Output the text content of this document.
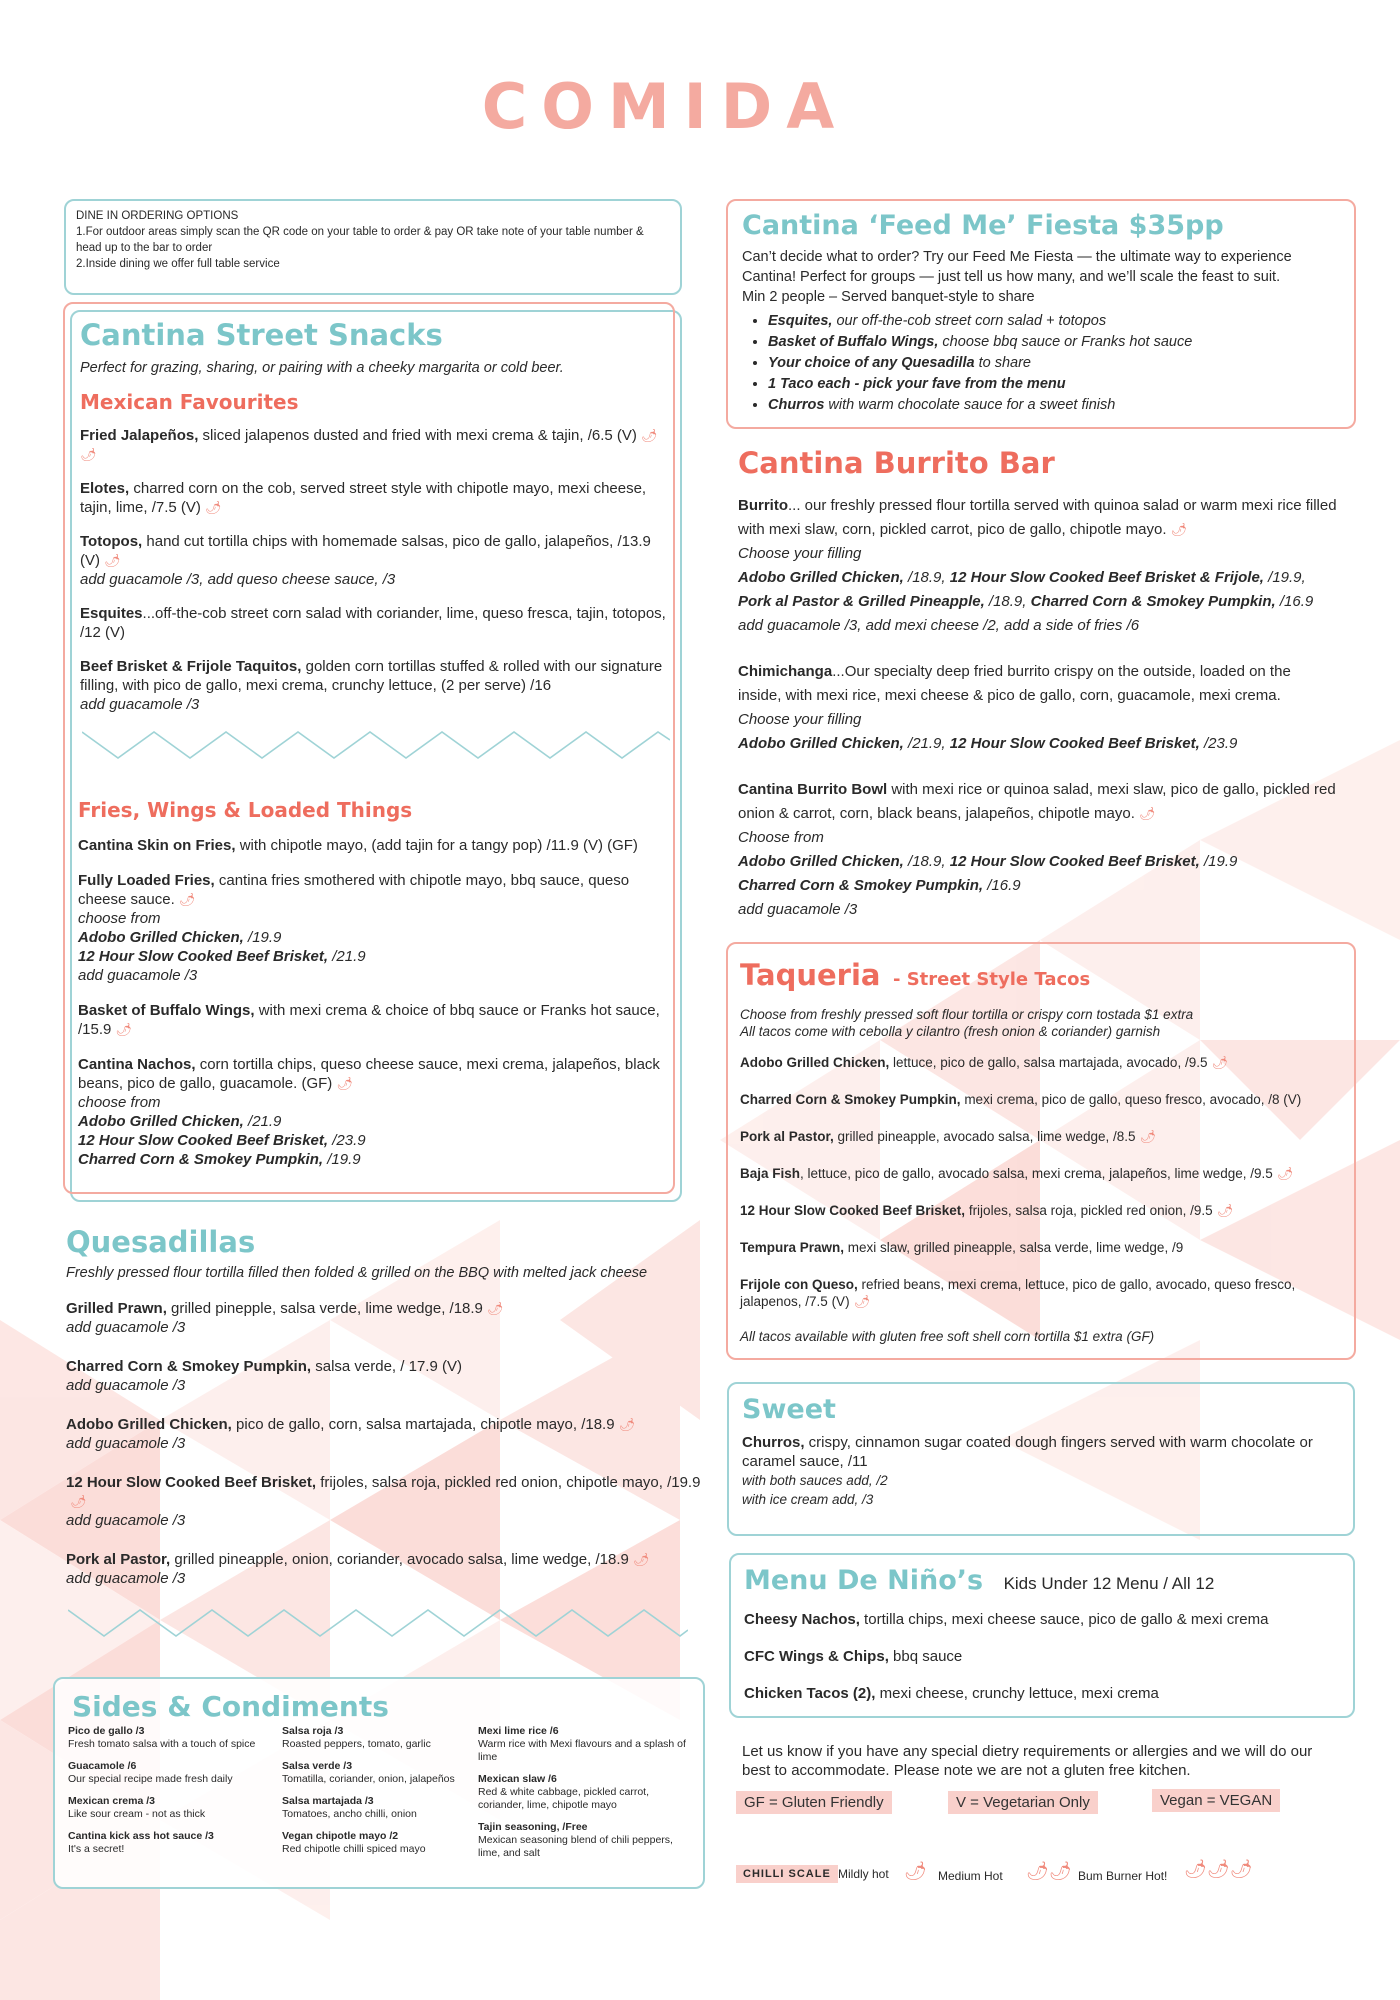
COMIDA
DINE IN ORDERING OPTIONS
1.For outdoor areas simply scan the QR code on your table to order & pay OR take note of your table number & head up to the bar to order
2.Inside dining we offer full table service
Cantina Street Snacks
Perfect for grazing, sharing, or pairing with a cheeky margarita or cold beer.
Mexican Favourites

Fried Jalapeños, sliced jalapenos dusted and fried with mexi crema & tajin, /6.5 (V) 🌶🌶

Elotes, charred corn on the cob, served street style with chipotle mayo, mexi cheese, tajin, lime, /7.5 (V) 🌶

Totopos, hand cut tortilla chips with homemade salsas, pico de gallo, jalapeños, /13.9 (V) 🌶
add guacamole /3, add queso cheese sauce, /3

Esquites...off-the-cob street corn salad with coriander, lime, queso fresca, tajin, totopos, /12 (V)

Beef Brisket & Frijole Taquitos, golden corn tortillas stuffed & rolled with our signature filling, with pico de gallo, mexi crema, crunchy lettuce, (2 per serve) /16
add guacamole /3

Fries, Wings & Loaded Things

Cantina Skin on Fries, with chipotle mayo, (add tajin for a tangy pop) /11.9 (V) (GF)

Fully Loaded Fries, cantina fries smothered with chipotle mayo, bbq sauce, queso cheese sauce. 🌶
choose from
Adobo Grilled Chicken, /19.9
12 Hour Slow Cooked Beef Brisket, /21.9
add guacamole /3

Basket of Buffalo Wings, with mexi crema & choice of bbq sauce or Franks hot sauce, /15.9 🌶

Cantina Nachos, corn tortilla chips, queso cheese sauce, mexi crema, jalapeños, black beans, pico de gallo, guacamole. (GF) 🌶
choose from
Adobo Grilled Chicken, /21.9
12 Hour Slow Cooked Beef Brisket, /23.9
Charred Corn & Smokey Pumpkin, /19.9

Quesadillas
Freshly pressed flour tortilla filled then folded & grilled on the BBQ with melted jack cheese

Grilled Prawn, grilled pinepple, salsa verde, lime wedge, /18.9 🌶
add guacamole /3

Charred Corn & Smokey Pumpkin, salsa verde, / 17.9 (V)
add guacamole /3

Adobo Grilled Chicken, pico de gallo, corn, salsa martajada, chipotle mayo, /18.9 🌶
add guacamole /3

12 Hour Slow Cooked Beef Brisket, frijoles, salsa roja, pickled red onion, chipotle mayo, /19.9🌶
add guacamole /3

Pork al Pastor, grilled pineapple, onion, coriander, avocado salsa, lime wedge, /18.9 🌶
add guacamole /3

Sides & Condiments
Pico de gallo /3
Fresh tomato salsa with a touch of spice
Guacamole /6
Our special recipe made fresh daily
Mexican crema /3
Like sour cream - not as thick
Cantina kick ass hot sauce /3
It's a secret!
Salsa roja /3
Roasted peppers, tomato, garlic
Salsa verde /3
Tomatilla, coriander, onion, jalapeños
Salsa martajada /3
Tomatoes, ancho chilli, onion
Vegan chipotle mayo /2
Red chipotle chilli spiced mayo
Mexi lime rice /6
Warm rice with Mexi flavours and a splash of lime
Mexican slaw /6
Red & white cabbage, pickled carrot, coriander, lime, chipotle mayo
Tajin seasoning, /Free
Mexican seasoning blend of chili peppers, lime, and salt
Cantina ‘Feed Me’ Fiesta $35pp
Can’t decide what to order? Try our Feed Me Fiesta — the ultimate way to experience Cantina! Perfect for groups — just tell us how many, and we’ll scale the feast to suit.
Min 2 people – Served banquet-style to share
• Esquites, our off-the-cob street corn salad + totopos
• Basket of Buffalo Wings, choose bbq sauce or Franks hot sauce
• Your choice of any Quesadilla to share
• 1 Taco each - pick your fave from the menu
• Churros with warm chocolate sauce for a sweet finish
Cantina Burrito Bar

Burrito... our freshly pressed flour tortilla served with quinoa salad or warm mexi rice filled with mexi slaw, corn, pickled carrot, pico de gallo, chipotle mayo. 🌶
Choose your filling
Adobo Grilled Chicken, /18.9, 12 Hour Slow Cooked Beef Brisket & Frijole, /19.9,
Pork al Pastor & Grilled Pineapple, /18.9, Charred Corn & Smokey Pumpkin, /16.9
add guacamole /3, add mexi cheese /2, add a side of fries /6

Chimichanga...Our specialty deep fried burrito crispy on the outside, loaded on the inside, with mexi rice, mexi cheese & pico de gallo, corn, guacamole, mexi crema.
Choose your filling
Adobo Grilled Chicken, /21.9, 12 Hour Slow Cooked Beef Brisket, /23.9

Cantina Burrito Bowl with mexi rice or quinoa salad, mexi slaw, pico de gallo, pickled red onion & carrot, corn, black beans, jalapeños, chipotle mayo. 🌶
Choose from
Adobo Grilled Chicken, /18.9, 12 Hour Slow Cooked Beef Brisket, /19.9
Charred Corn & Smokey Pumpkin, /16.9
add guacamole /3

Taqueria - Street Style Tacos
Choose from freshly pressed soft flour tortilla or crispy corn tostada $1 extra
All tacos come with cebolla y cilantro (fresh onion & coriander) garnish

Adobo Grilled Chicken, lettuce, pico de gallo, salsa martajada, avocado, /9.5 🌶

Charred Corn & Smokey Pumpkin, mexi crema, pico de gallo, queso fresco, avocado, /8 (V)

Pork al Pastor, grilled pineapple, avocado salsa, lime wedge, /8.5 🌶

Baja Fish, lettuce, pico de gallo, avocado salsa, mexi crema, jalapeños, lime wedge, /9.5 🌶

12 Hour Slow Cooked Beef Brisket, frijoles, salsa roja, pickled red onion, /9.5 🌶

Tempura Prawn, mexi slaw, grilled pineapple, salsa verde, lime wedge, /9

Frijole con Queso, refried beans, mexi crema, lettuce, pico de gallo, avocado, queso fresco, jalapenos, /7.5 (V) 🌶

All tacos available with gluten free soft shell corn tortilla $1 extra (GF)
Sweet

Churros, crispy, cinnamon sugar coated dough fingers served with warm chocolate or caramel sauce, /11
with both sauces add, /2
with ice cream add, /3

Menu De Niño’s Kids Under 12 Menu / All 12

Cheesy Nachos, tortilla chips, mexi cheese sauce, pico de gallo & mexi crema

CFC Wings & Chips, bbq sauce

Chicken Tacos (2), mexi cheese, crunchy lettuce, mexi crema

Let us know if you have any special dietry requirements or allergies and we will do our best to accommodate. Please note we are not a gluten free kitchen.
GF = Gluten Friendly	V = Vegetarian Only	Vegan = VEGAN
CHILLI SCALE Mildly hot 🌶 Medium Hot 🌶🌶 Bum Burner Hot! 🌶🌶🌶
